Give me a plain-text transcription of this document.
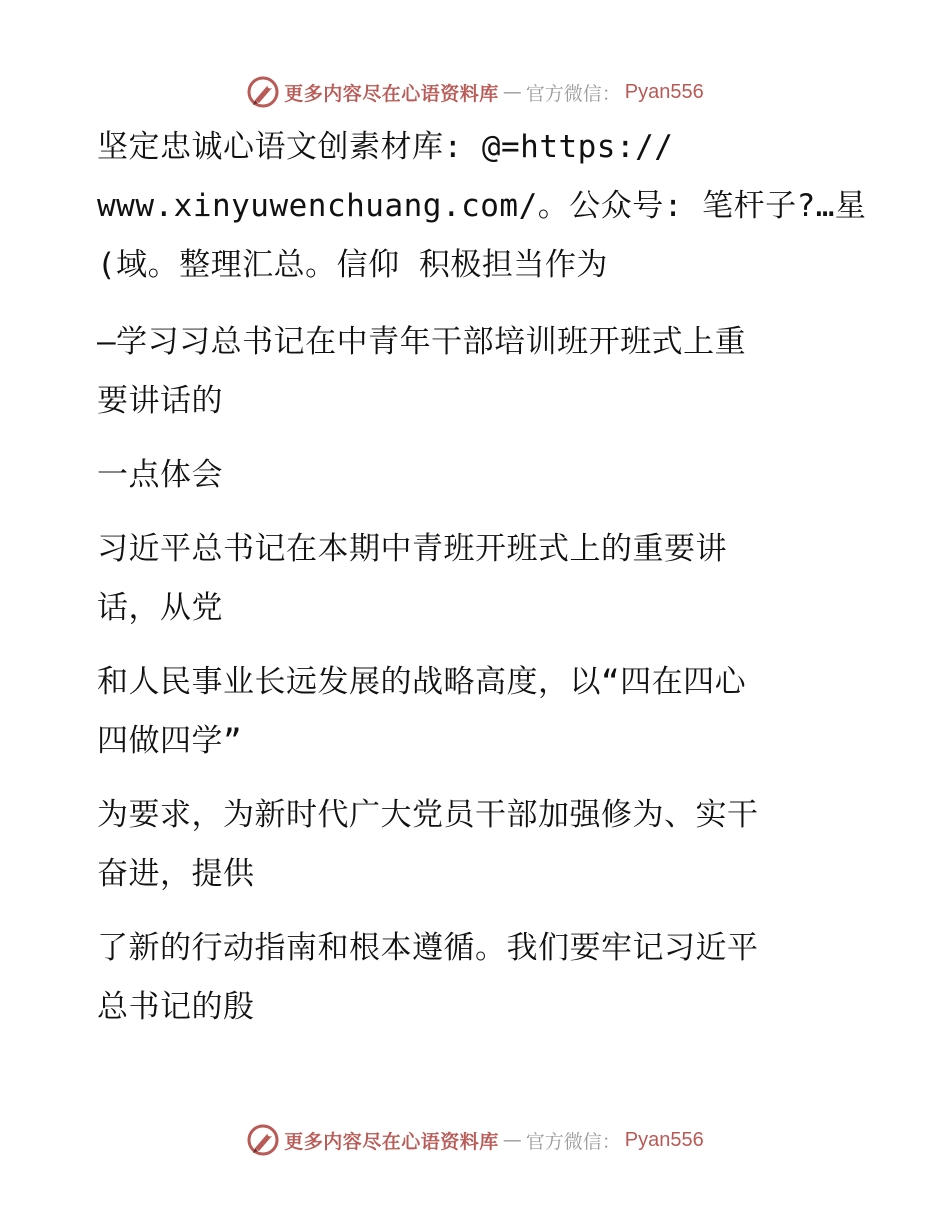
更多内容尽在心语资料库 — 官方微信： Pyan556
坚定忠诚心语文创素材库: @=https://
www.xinyuwenchuang.com/。公众号: 笔杆子?…星
(域。整理汇总。信仰 积极担当作为
—学习习总书记在中青年干部培训班开班式上重
要讲话的
一点体会
习近平总书记在本期中青班开班式上的重要讲
话，从党
和人民事业长远发展的战略高度，以“四在四心
四做四学”
为要求，为新时代广大党员干部加强修为、实干
奋进，提供
了新的行动指南和根本遵循。我们要牢记习近平
总书记的殷
更多内容尽在心语资料库 — 官方微信： Pyan556
